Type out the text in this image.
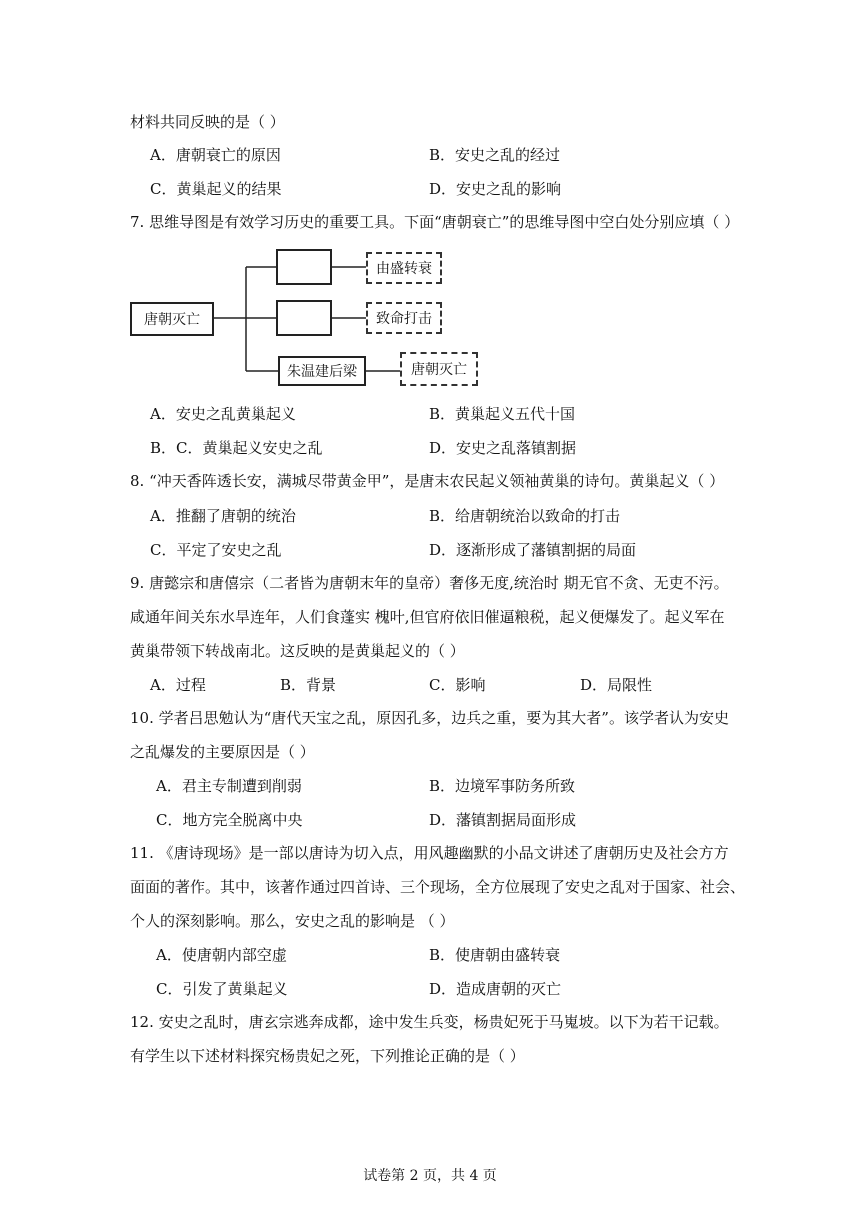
材料共同反映的是（ ）
A．唐朝衰亡的原因	B．安史之乱的经过
C．黄巢起义的结果	D．安史之乱的影响
7. 思维导图是有效学习历史的重要工具。下面“唐朝衰亡”的思维导图中空白处分别应填（ ）
唐朝灭亡
朱温建后梁
由盛转衰
致命打击
唐朝灭亡
A．安史之乱黄巢起义	B．黄巢起义五代十国
B．C．黄巢起义安史之乱	D．安史之乱落镇割据
8. “冲天香阵透长安，满城尽带黄金甲”，是唐末农民起义领袖黄巢的诗句。黄巢起义（ ）
A．推翻了唐朝的统治	B．给唐朝统治以致命的打击
C．平定了安史之乱	D．逐渐形成了藩镇割据的局面
9. 唐懿宗和唐僖宗（二者皆为唐朝末年的皇帝）奢侈无度,统治时 期无官不贪、无吏不污。
咸通年间关东水旱连年，人们食蓬实 槐叶,但官府依旧催逼粮税，起义便爆发了。起义军在
黄巢带领下转战南北。这反映的是黄巢起义的（ ）
A．过程	B．背景	C．影响	D．局限性
10. 学者吕思勉认为“唐代天宝之乱，原因孔多，边兵之重，要为其大者”。该学者认为安史
之乱爆发的主要原因是（ ）
A．君主专制遭到削弱	B．边境军事防务所致
C．地方完全脱离中央	D．藩镇割据局面形成
11. 《唐诗现场》是一部以唐诗为切入点，用风趣幽默的小品文讲述了唐朝历史及社会方方
面面的著作。其中，该著作通过四首诗、三个现场，全方位展现了安史之乱对于国家、社会、
个人的深刻影响。那么，安史之乱的影响是 （ ）
A．使唐朝内部空虚	B．使唐朝由盛转衰
C．引发了黄巢起义	D．造成唐朝的灭亡
12. 安史之乱时，唐玄宗逃奔成都，途中发生兵变，杨贵妃死于马嵬坡。以下为若干记载。
有学生以下述材料探究杨贵妃之死，下列推论正确的是（ ）
试卷第 2 页，共 4 页
